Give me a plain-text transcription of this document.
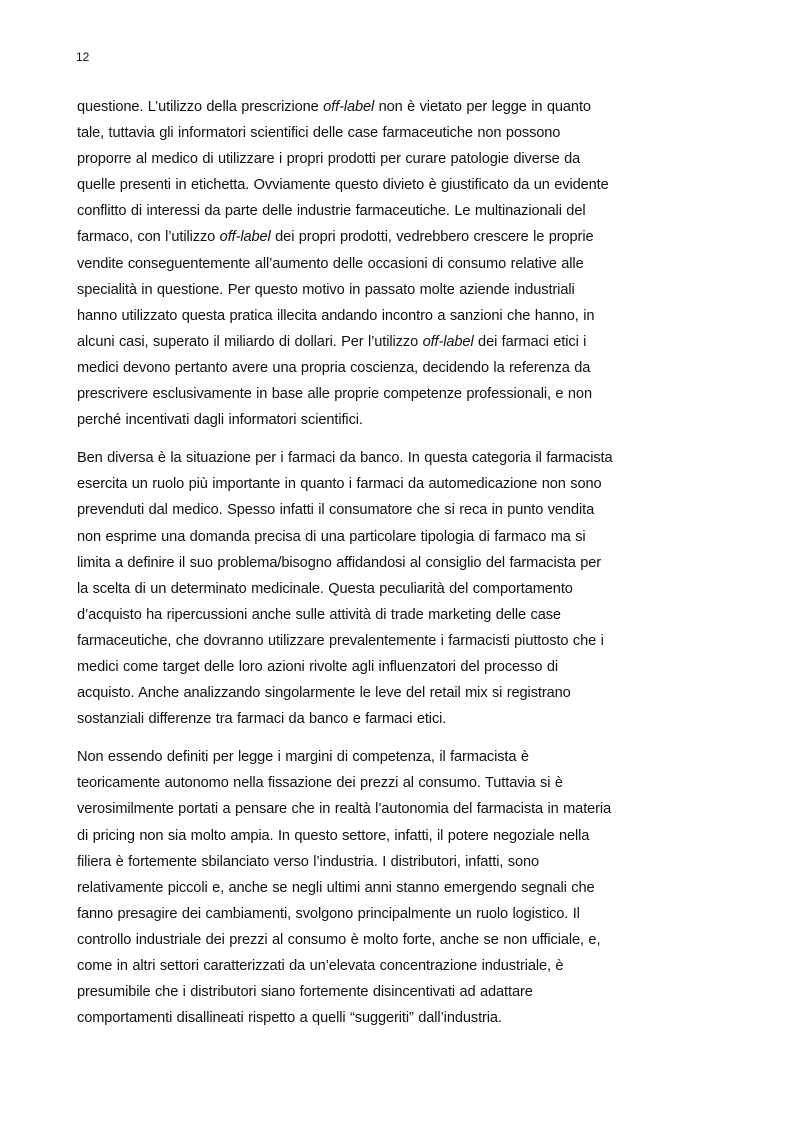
12

questione. L’utilizzo della prescrizione off-label non è vietato per legge in quanto
tale, tuttavia gli informatori scientifici delle case farmaceutiche non possono
proporre al medico di utilizzare i propri prodotti per curare patologie diverse da
quelle presenti in etichetta. Ovviamente questo divieto è giustificato da un evidente
conflitto di interessi da parte delle industrie farmaceutiche. Le multinazionali del
farmaco, con l’utilizzo off-label dei propri prodotti, vedrebbero crescere le proprie
vendite conseguentemente all’aumento delle occasioni di consumo relative alle
specialità in questione. Per questo motivo in passato molte aziende industriali
hanno utilizzato questa pratica illecita andando incontro a sanzioni che hanno, in
alcuni casi, superato il miliardo di dollari. Per l’utilizzo off-label dei farmaci etici i
medici devono pertanto avere una propria coscienza, decidendo la referenza da
prescrivere esclusivamente in base alle proprie competenze professionali, e non
perché incentivati dagli informatori scientifici.

Ben diversa è la situazione per i farmaci da banco. In questa categoria il farmacista
esercita un ruolo più importante in quanto i farmaci da automedicazione non sono
prevenduti dal medico. Spesso infatti il consumatore che si reca in punto vendita
non esprime una domanda precisa di una particolare tipologia di farmaco ma si
limita a definire il suo problema/bisogno affidandosi al consiglio del farmacista per
la scelta di un determinato medicinale. Questa peculiarità del comportamento
d’acquisto ha ripercussioni anche sulle attività di trade marketing delle case
farmaceutiche, che dovranno utilizzare prevalentemente i farmacisti piuttosto che i
medici come target delle loro azioni rivolte agli influenzatori del processo di
acquisto. Anche analizzando singolarmente le leve del retail mix si registrano
sostanziali differenze tra farmaci da banco e farmaci etici.

Non essendo definiti per legge i margini di competenza, il farmacista è
teoricamente autonomo nella fissazione dei prezzi al consumo. Tuttavia si è
verosimilmente portati a pensare che in realtà l’autonomia del farmacista in materia
di pricing non sia molto ampia. In questo settore, infatti, il potere negoziale nella
filiera è fortemente sbilanciato verso l’industria. I distributori, infatti, sono
relativamente piccoli e, anche se negli ultimi anni stanno emergendo segnali che
fanno presagire dei cambiamenti, svolgono principalmente un ruolo logistico. Il
controllo industriale dei prezzi al consumo è molto forte, anche se non ufficiale, e,
come in altri settori caratterizzati da un’elevata concentrazione industriale, è
presumibile che i distributori siano fortemente disincentivati ad adattare
comportamenti disallineati rispetto a quelli “suggeriti” dall’industria.
